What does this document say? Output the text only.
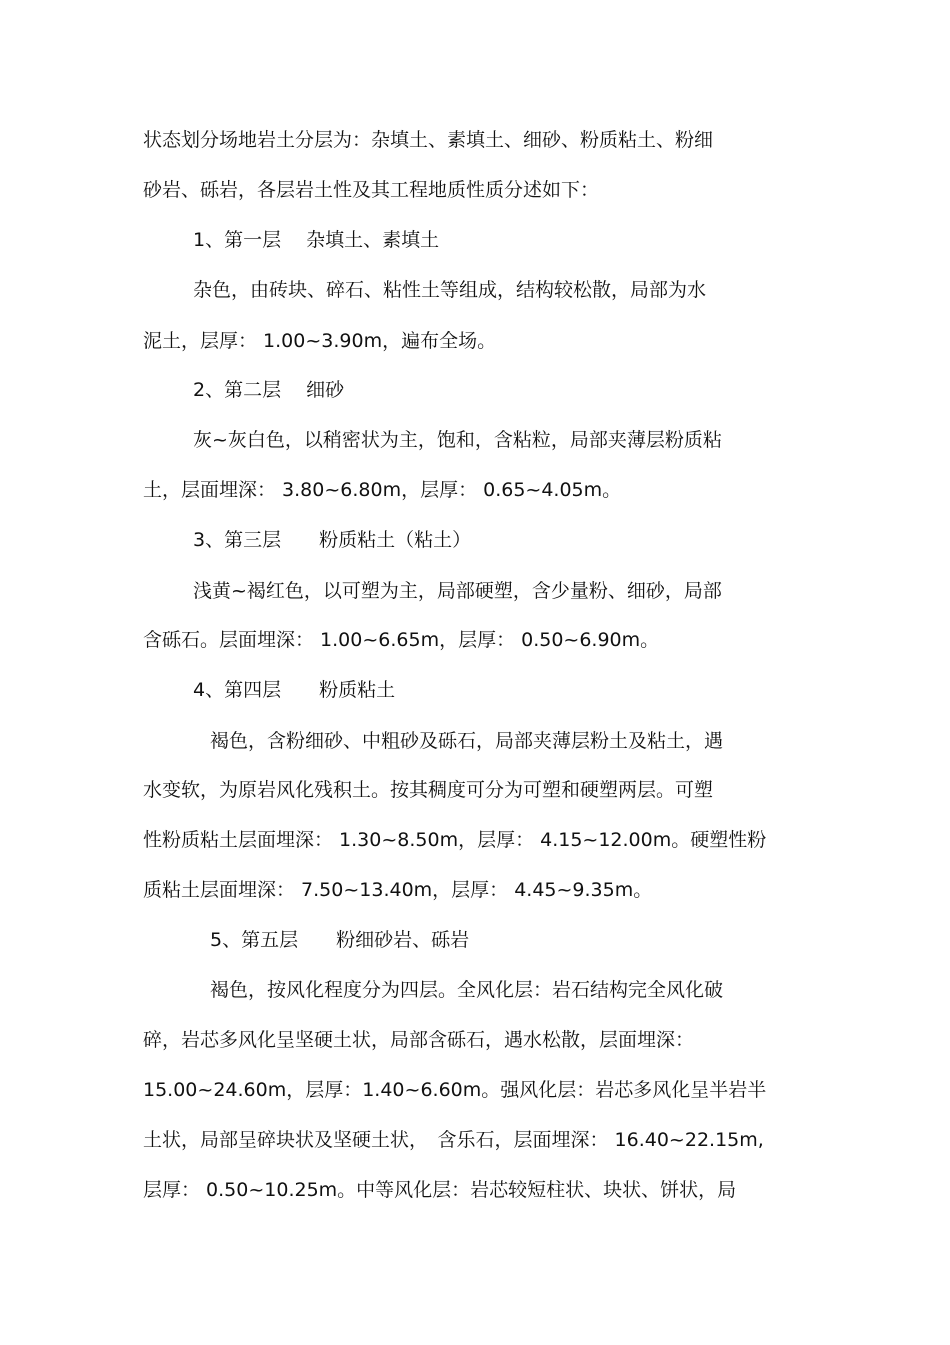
状态划分场地岩土分层为：杂填土、素填土、细砂、粉质粘土、粉细
砂岩、砾岩，各层岩土性及其工程地质性质分述如下：
1、第一层　 杂填土、素填土
杂色，由砖块、碎石、粘性土等组成，结构较松散，局部为水
泥土，层厚： 1.00~3.90m，遍布全场。
2、第二层　 细砂
灰~灰白色，以稍密状为主，饱和，含粘粒，局部夹薄层粉质粘
土，层面埋深： 3.80~6.80m，层厚： 0.65~4.05m。
3、第三层　　粉质粘土（粘土）
浅黄~褐红色，以可塑为主，局部硬塑，含少量粉、细砂，局部
含砾石。层面埋深： 1.00~6.65m，层厚： 0.50~6.90m。
4、第四层　　粉质粘土
褐色，含粉细砂、中粗砂及砾石，局部夹薄层粉土及粘土，遇
水变软，为原岩风化残积土。按其稠度可分为可塑和硬塑两层。可塑
性粉质粘土层面埋深： 1.30~8.50m，层厚： 4.15~12.00m。硬塑性粉
质粘土层面埋深： 7.50~13.40m，层厚： 4.45~9.35m。
5、第五层　　粉细砂岩、砾岩
褐色，按风化程度分为四层。全风化层：岩石结构完全风化破
碎，岩芯多风化呈坚硬土状，局部含砾石，遇水松散，层面埋深：
15.00~24.60m，层厚：1.40~6.60m。强风化层：岩芯多风化呈半岩半
土状，局部呈碎块状及坚硬土状，　含乐石，层面埋深： 16.40~22.15m,
层厚： 0.50~10.25m。中等风化层：岩芯较短柱状、块状、饼状，局
